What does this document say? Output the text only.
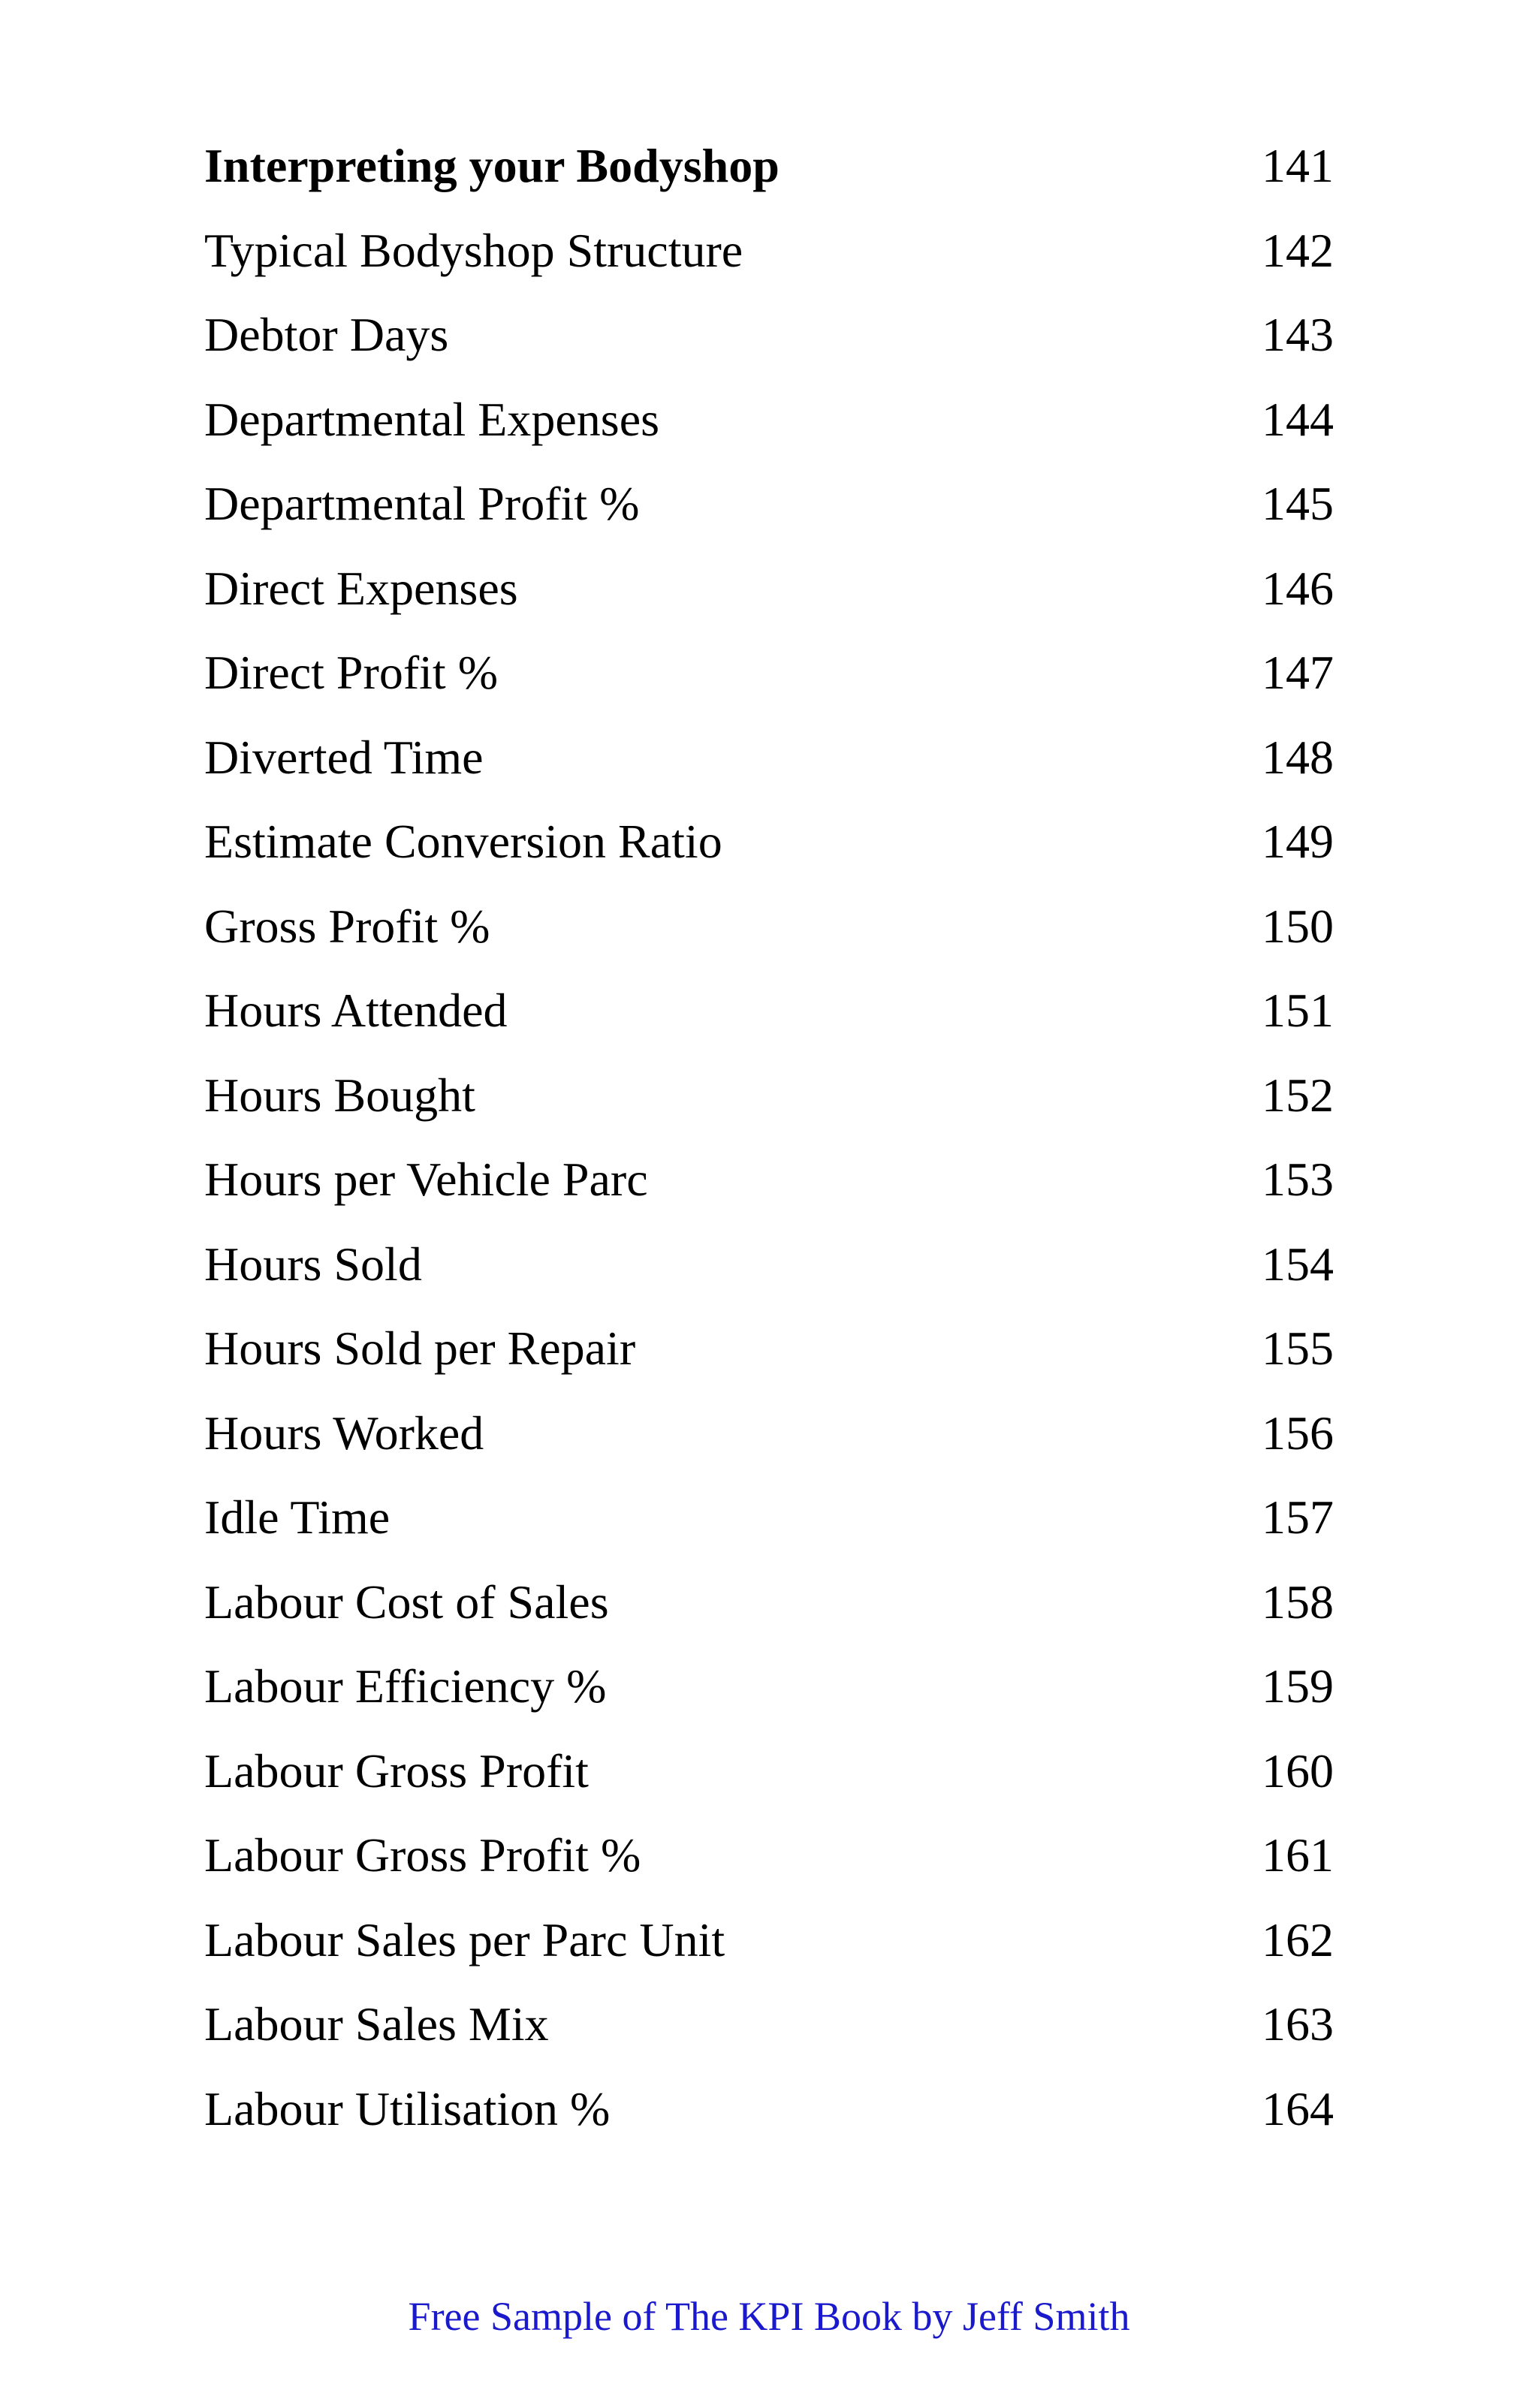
Interpreting your Bodyshop	141
Typical Bodyshop Structure	142
Debtor Days	143
Departmental Expenses	144
Departmental Profit %	145
Direct Expenses	146
Direct Profit %	147
Diverted Time	148
Estimate Conversion Ratio	149
Gross Profit %	150
Hours Attended	151
Hours Bought	152
Hours per Vehicle Parc	153
Hours Sold	154
Hours Sold per Repair	155
Hours Worked	156
Idle Time	157
Labour Cost of Sales	158
Labour Efficiency %	159
Labour Gross Profit	160
Labour Gross Profit %	161
Labour Sales per Parc Unit	162
Labour Sales Mix	163
Labour Utilisation %	164
Free Sample of The KPI Book by Jeff Smith
